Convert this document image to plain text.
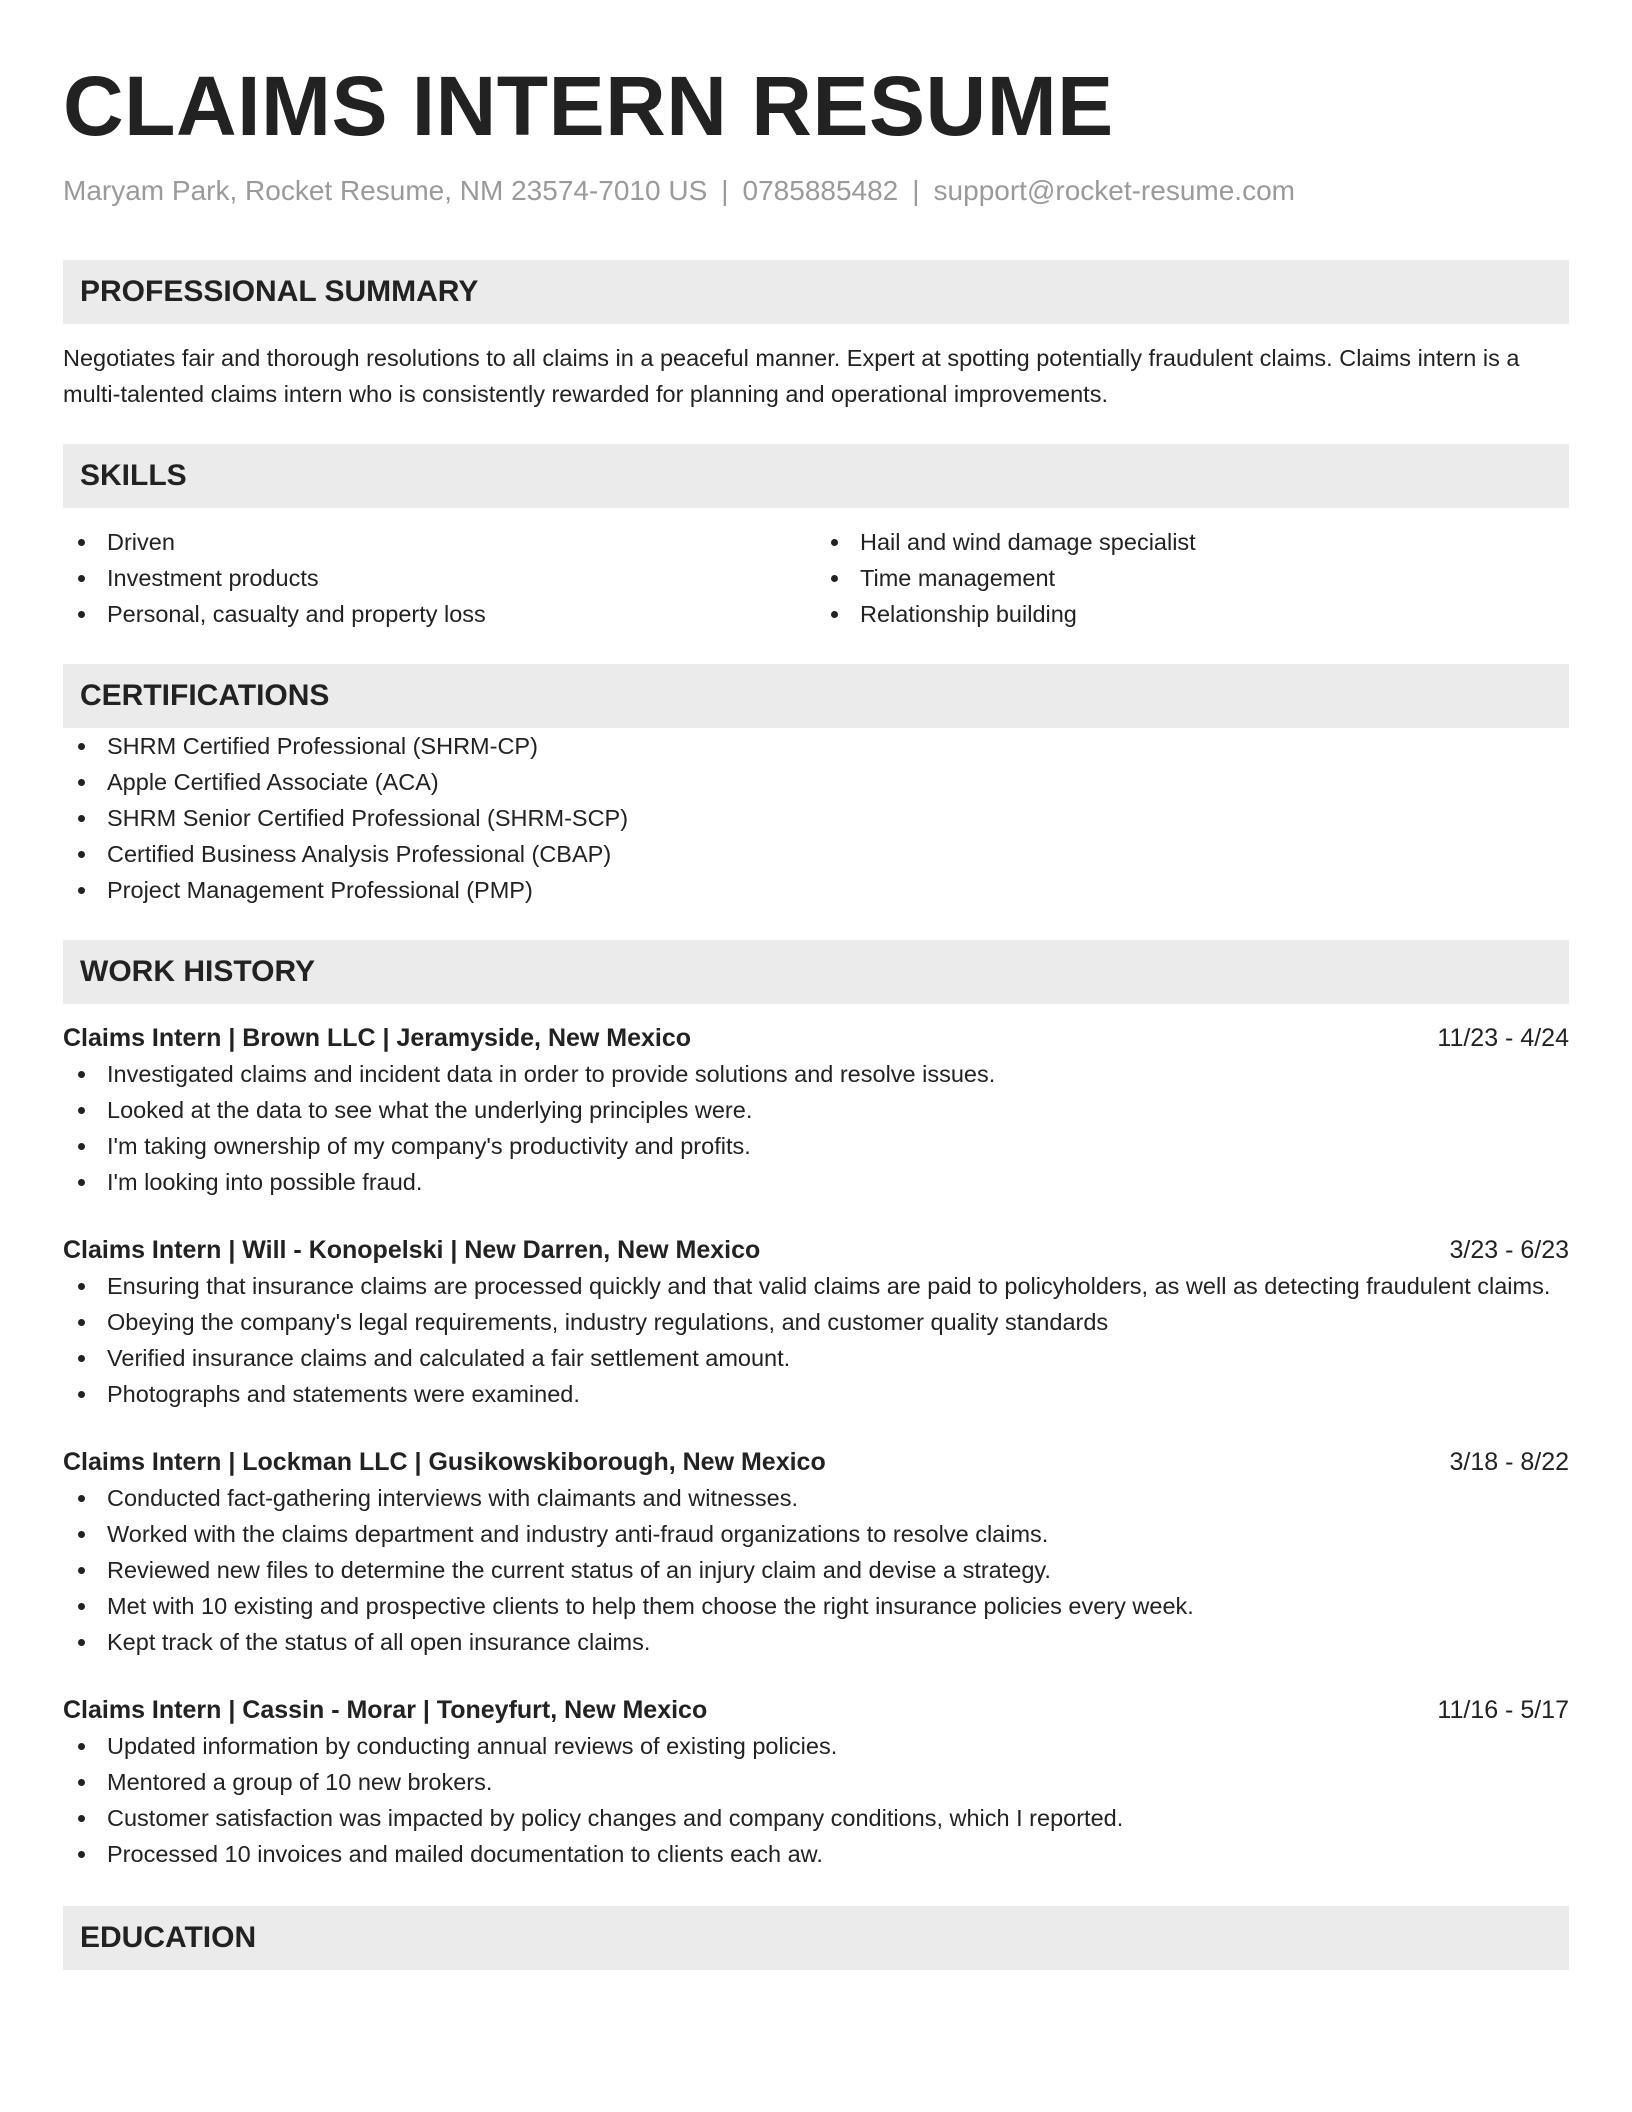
CLAIMS INTERN RESUME
Maryam Park, Rocket Resume, NM 23574-7010 US | 0785885482 | support@rocket-resume.com
PROFESSIONAL SUMMARY

Negotiates fair and thorough resolutions to all claims in a peaceful manner. Expert at spotting potentially fraudulent claims. Claims intern is a multi-talented claims intern who is consistently rewarded for planning and operational improvements.

SKILLS
Driven
Investment products
Personal, casualty and property loss
Hail and wind damage specialist
Time management
Relationship building
CERTIFICATIONS
SHRM Certified Professional (SHRM-CP)
Apple Certified Associate (ACA)
SHRM Senior Certified Professional (SHRM-SCP)
Certified Business Analysis Professional (CBAP)
Project Management Professional (PMP)
WORK HISTORY
Claims Intern | Brown LLC | Jeramyside, New Mexico	11/23 - 4/24
Investigated claims and incident data in order to provide solutions and resolve issues.
Looked at the data to see what the underlying principles were.
I'm taking ownership of my company's productivity and profits.
I'm looking into possible fraud.
Claims Intern | Will - Konopelski | New Darren, New Mexico	3/23 - 6/23
Ensuring that insurance claims are processed quickly and that valid claims are paid to policyholders, as well as detecting fraudulent claims.
Obeying the company's legal requirements, industry regulations, and customer quality standards
Verified insurance claims and calculated a fair settlement amount.
Photographs and statements were examined.
Claims Intern | Lockman LLC | Gusikowskiborough, New Mexico	3/18 - 8/22
Conducted fact-gathering interviews with claimants and witnesses.
Worked with the claims department and industry anti-fraud organizations to resolve claims.
Reviewed new files to determine the current status of an injury claim and devise a strategy.
Met with 10 existing and prospective clients to help them choose the right insurance policies every week.
Kept track of the status of all open insurance claims.
Claims Intern | Cassin - Morar | Toneyfurt, New Mexico	11/16 - 5/17
Updated information by conducting annual reviews of existing policies.
Mentored a group of 10 new brokers.
Customer satisfaction was impacted by policy changes and company conditions, which I reported.
Processed 10 invoices and mailed documentation to clients each aw.
EDUCATION
